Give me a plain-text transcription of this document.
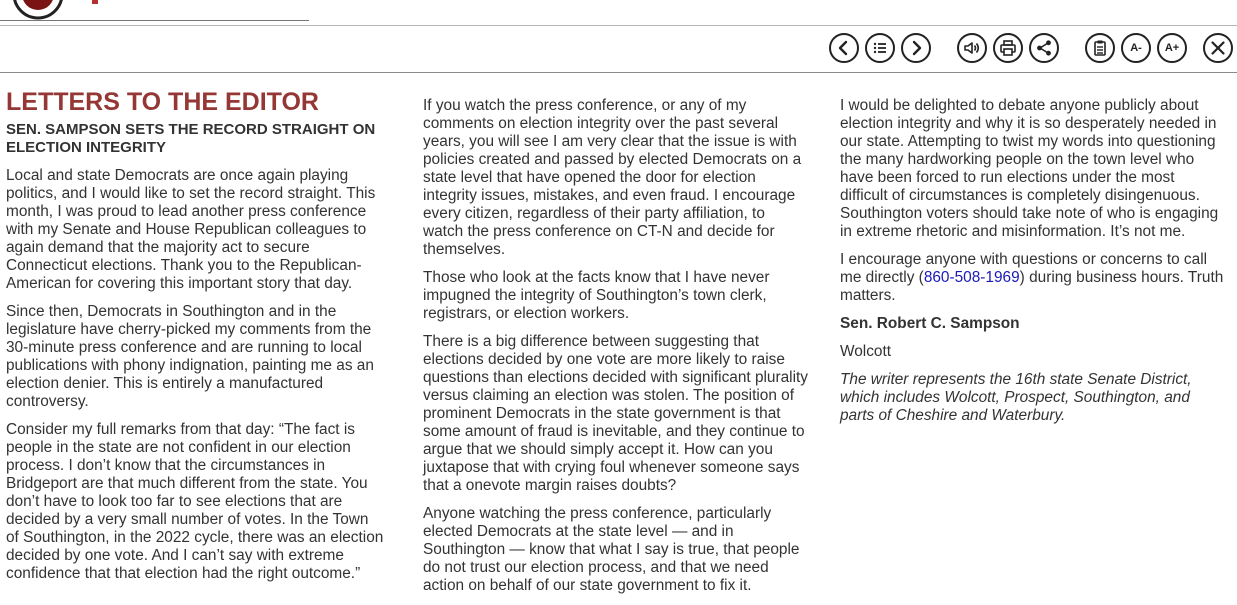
A- A+
LETTERS TO THE EDITOR
SEN. SAMPSON SETS THE RECORD STRAIGHT ON ELECTION INTEGRITY

Local and state Democrats are once again playing politics, and I would like to set the record straight. This month, I was proud to lead another press conference with my Senate and House Republican colleagues to again demand that the majority act to secure Connecticut elections. Thank you to the Republican- American for covering this important story that day.

Since then, Democrats in Southington and in the legislature have cherry-picked my comments from the 30-minute press conference and are running to local publications with phony indignation, painting me as an election denier. This is entirely a manufactured controversy.

Consider my full remarks from that day: “The fact is people in the state are not confident in our election process. I don’t know that the circumstances in Bridgeport are that much different from the state. You don’t have to look too far to see elections that are decided by a very small number of votes. In the Town of Southington, in the 2022 cycle, there was an election decided by one vote. And I can’t say with extreme confidence that that election had the right outcome.”

If you watch the press conference, or any of my comments on election integrity over the past several years, you will see I am very clear that the issue is with policies created and passed by elected Democrats on a state level that have opened the door for election integrity issues, mistakes, and even fraud. I encourage every citizen, regardless of their party affiliation, to watch the press conference on CT-N and decide for themselves.

Those who look at the facts know that I have never impugned the integrity of Southington’s town clerk, registrars, or election workers.

There is a big difference between suggesting that elections decided by one vote are more likely to raise questions than elections decided with significant plurality versus claiming an election was stolen. The position of prominent Democrats in the state government is that some amount of fraud is inevitable, and they continue to argue that we should simply accept it. How can you juxtapose that with crying foul whenever someone says that a onevote margin raises doubts?

Anyone watching the press conference, particularly elected Democrats at the state level — and in Southington — know that what I say is true, that people do not trust our election process, and that we need action on behalf of our state government to fix it.

I would be delighted to debate anyone publicly about election integrity and why it is so desperately needed in our state. Attempting to twist my words into questioning the many hardworking people on the town level who have been forced to run elections under the most difficult of circumstances is completely disingenuous. Southington voters should take note of who is engaging in extreme rhetoric and misinformation. It’s not me.

I encourage anyone with questions or concerns to call me directly (860-508-1969) during business hours. Truth matters.

Sen. Robert C. Sampson

Wolcott

The writer represents the 16th state Senate District, which includes Wolcott, Prospect, Southington, and parts of Cheshire and Waterbury.
